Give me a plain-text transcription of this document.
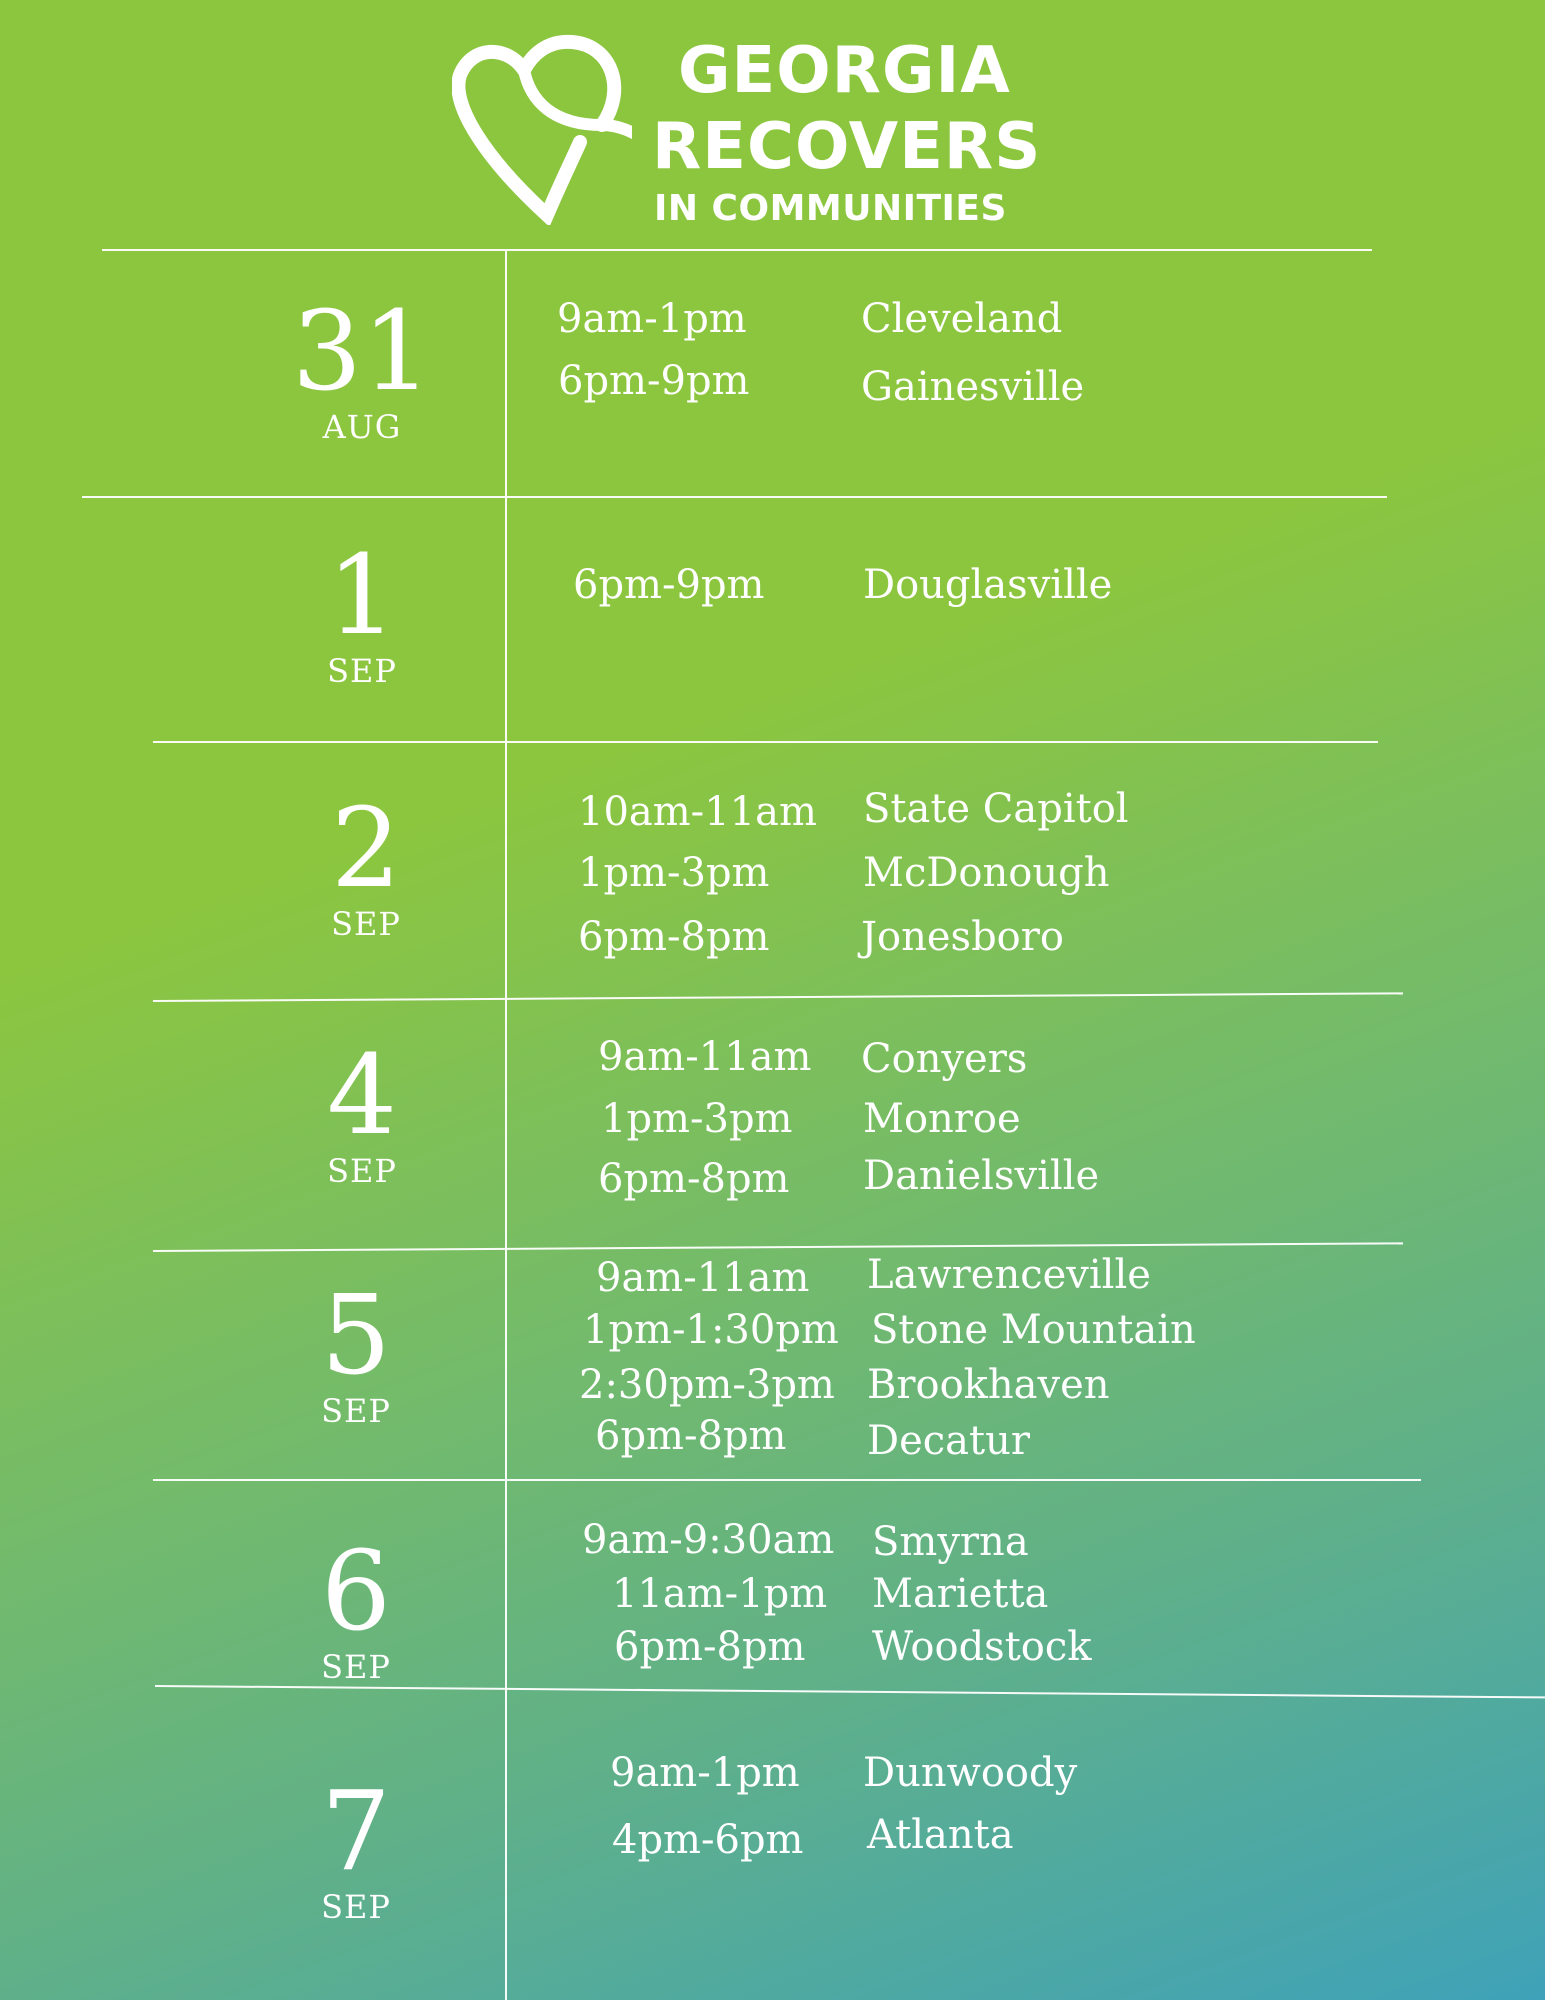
GEORGIA
RECOVERS
IN COMMUNITIES
31
AUG
9am-1pm	Cleveland
6pm-9pm	Gainesville
1
SEP
6pm-9pm Douglasville
2
SEP
10am-11am State Capitol
1pm-3pm McDonough
6pm-8pm Jonesboro
4
SEP
9am-11am Conyers
1pm-3pm Monroe
6pm-8pm Danielsville
5
SEP
9am-11am Lawrenceville
1pm-1:30pm Stone Mountain
2:30pm-3pm Brookhaven
6pm-8pm Decatur
6
SEP
9am-9:30am Smyrna
11am-1pm Marietta
6pm-8pm Woodstock
7
SEP
9am-1pm Dunwoody
4pm-6pm Atlanta
